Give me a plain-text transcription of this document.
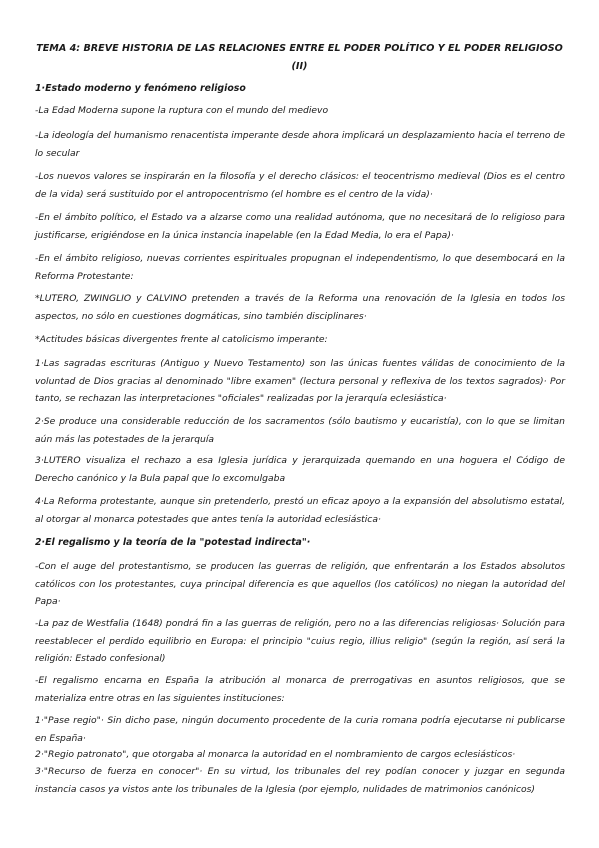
TEMA 4: BREVE HISTORIA DE LAS RELACIONES ENTRE EL PODER POLÍTICO Y EL PODER RELIGIOSO
(II)
1·Estado moderno y fenómeno religioso
-La Edad Moderna supone la ruptura con el mundo del medievo
-La ideología del humanismo renacentista imperante desde ahora implicará un desplazamiento hacia el terreno de lo secular
-Los nuevos valores se inspirarán en la filosofía y el derecho clásicos: el teocentrismo medieval (Dios es el centro de la vida) será sustituido por el antropocentrismo (el hombre es el centro de la vida)·
-En el ámbito político, el Estado va a alzarse como una realidad autónoma, que no necesitará de lo religioso para justificarse, erigiéndose en la única instancia inapelable (en la Edad Media, lo era el Papa)·
-En el ámbito religioso, nuevas corrientes espirituales propugnan el independentismo, lo que desembocará en la Reforma Protestante:
*LUTERO, ZWINGLIO y CALVINO pretenden a través de la Reforma una renovación de la Iglesia en todos los aspectos, no sólo en cuestiones dogmáticas, sino también disciplinares·
*Actitudes básicas divergentes frente al catolicismo imperante:
1·Las sagradas escrituras (Antiguo y Nuevo Testamento) son las únicas fuentes válidas de conocimiento de la voluntad de Dios gracias al denominado "libre examen" (lectura personal y reflexiva de los textos sagrados)· Por tanto, se rechazan las interpretaciones "oficiales" realizadas por la jerarquía eclesiástica·
2·Se produce una considerable reducción de los sacramentos (sólo bautismo y eucaristía), con lo que se limitan aún más las potestades de la jerarquía
3·LUTERO visualiza el rechazo a esa Iglesia jurídica y jerarquizada quemando en una hoguera el Código de Derecho canónico y la Bula papal que lo excomulgaba
4·La Reforma protestante, aunque sin pretenderlo, prestó un eficaz apoyo a la expansión del absolutismo estatal, al otorgar al monarca potestades que antes tenía la autoridad eclesiástica·
2·El regalismo y la teoría de la "potestad indirecta"·
-Con el auge del protestantismo, se producen las guerras de religión, que enfrentarán a los Estados absolutos católicos con los protestantes, cuya principal diferencia es que aquellos (los católicos) no niegan la autoridad del Papa·
-La paz de Westfalia (1648) pondrá fin a las guerras de religión, pero no a las diferencias religiosas· Solución para reestablecer el perdido equilibrio en Europa: el principio "cuius regio, illius religio" (según la región, así será la religión: Estado confesional)
-El regalismo encarna en España la atribución al monarca de prerrogativas en asuntos religiosos, que se materializa entre otras en las siguientes instituciones:
1·"Pase regio"· Sin dicho pase, ningún documento procedente de la curia romana podría ejecutarse ni publicarse en España·
2·"Regio patronato", que otorgaba al monarca la autoridad en el nombramiento de cargos eclesiásticos·
3·"Recurso de fuerza en conocer"· En su virtud, los tribunales del rey podían conocer y juzgar en segunda instancia casos ya vistos ante los tribunales de la Iglesia (por ejemplo, nulidades de matrimonios canónicos)
